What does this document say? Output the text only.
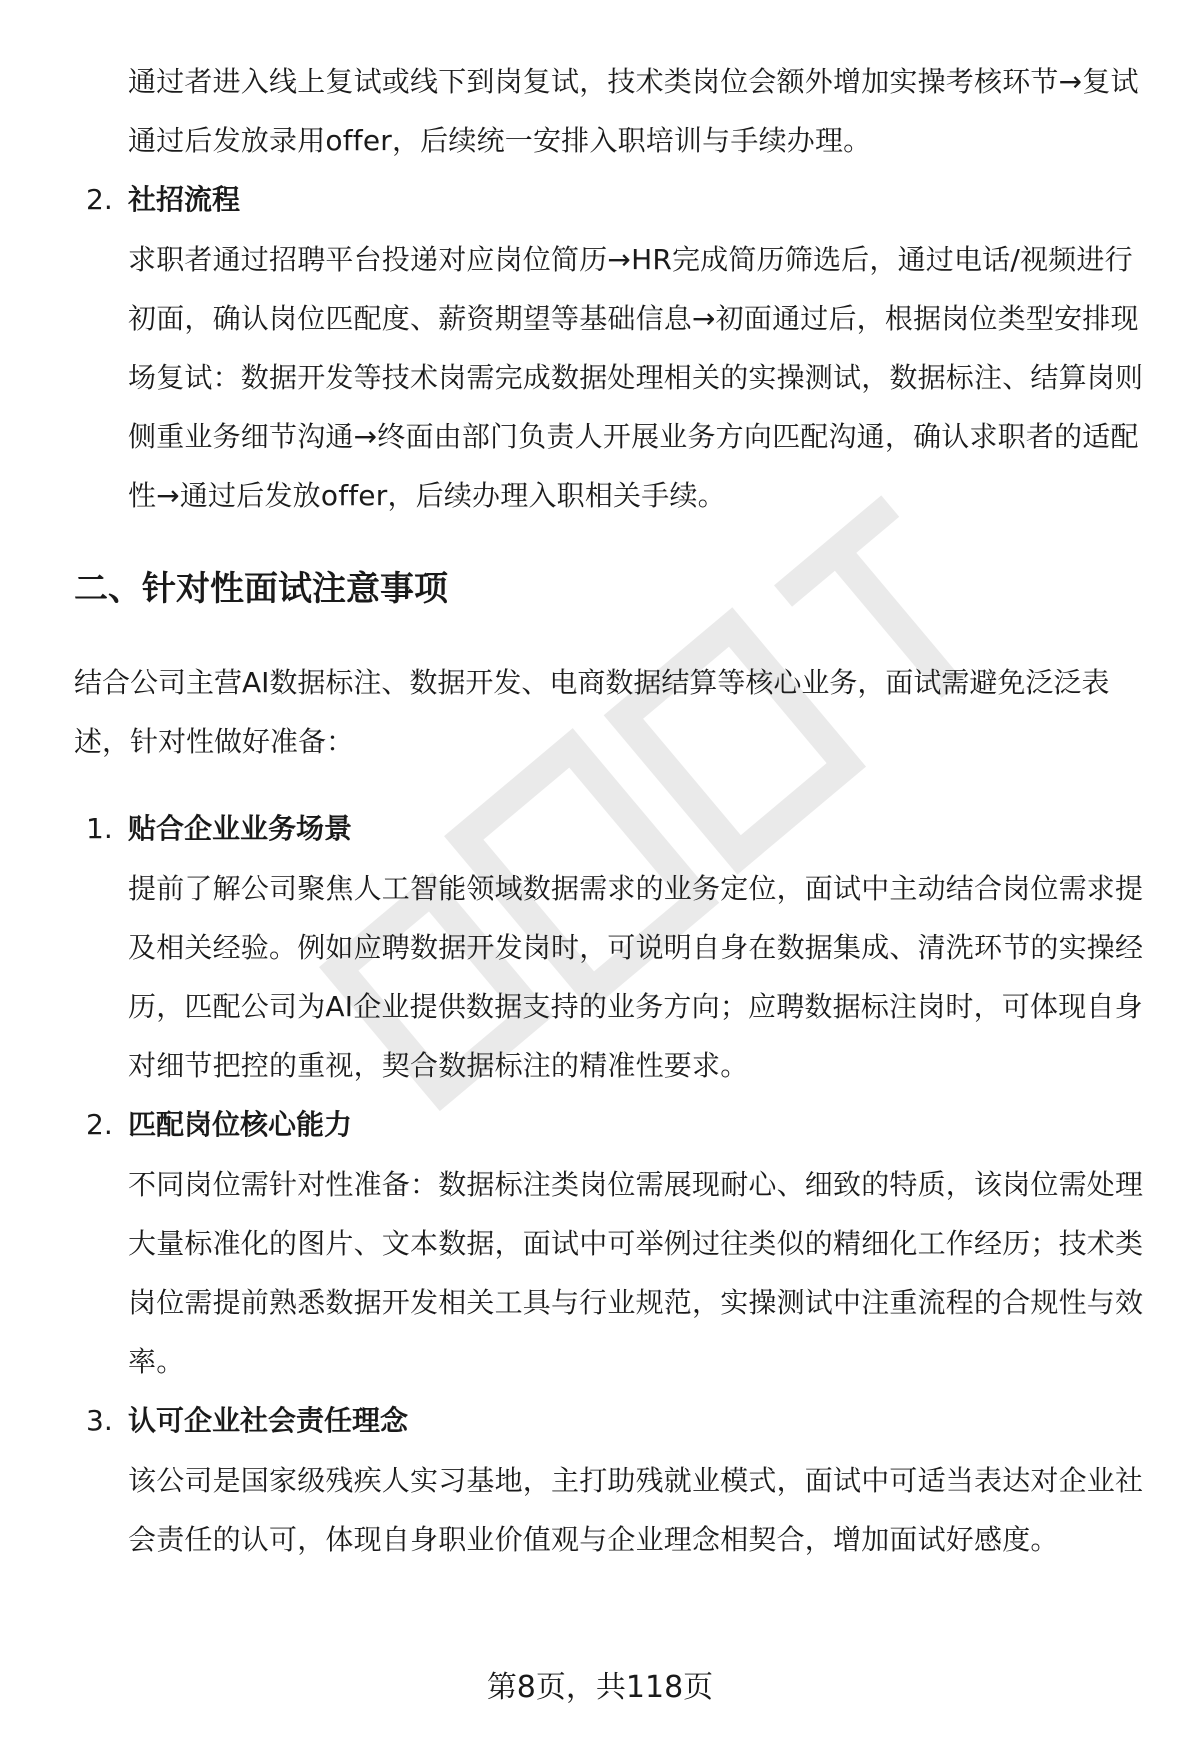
通过者进入线上复试或线下到岗复试，技术类岗位会额外增加实操考核环节→复试通过后发放录用offer，后续统一安排入职培训与手续办理。
2. 社招流程
求职者通过招聘平台投递对应岗位简历→HR完成简历筛选后，通过电话/视频进行初面，确认岗位匹配度、薪资期望等基础信息→初面通过后，根据岗位类型安排现场复试：数据开发等技术岗需完成数据处理相关的实操测试，数据标注、结算岗则侧重业务细节沟通→终面由部门负责人开展业务方向匹配沟通，确认求职者的适配性→通过后发放offer，后续办理入职相关手续。
二、针对性面试注意事项
结合公司主营AI数据标注、数据开发、电商数据结算等核心业务，面试需避免泛泛表述，针对性做好准备：
1. 贴合企业业务场景
提前了解公司聚焦人工智能领域数据需求的业务定位，面试中主动结合岗位需求提及相关经验。例如应聘数据开发岗时，可说明自身在数据集成、清洗环节的实操经历，匹配公司为AI企业提供数据支持的业务方向；应聘数据标注岗时，可体现自身对细节把控的重视，契合数据标注的精准性要求。
2. 匹配岗位核心能力
不同岗位需针对性准备：数据标注类岗位需展现耐心、细致的特质，该岗位需处理大量标准化的图片、文本数据，面试中可举例过往类似的精细化工作经历；技术类岗位需提前熟悉数据开发相关工具与行业规范，实操测试中注重流程的合规性与效率。
3. 认可企业社会责任理念
该公司是国家级残疾人实习基地，主打助残就业模式，面试中可适当表达对企业社会责任的认可，体现自身职业价值观与企业理念相契合，增加面试好感度。
第8页，共118页
